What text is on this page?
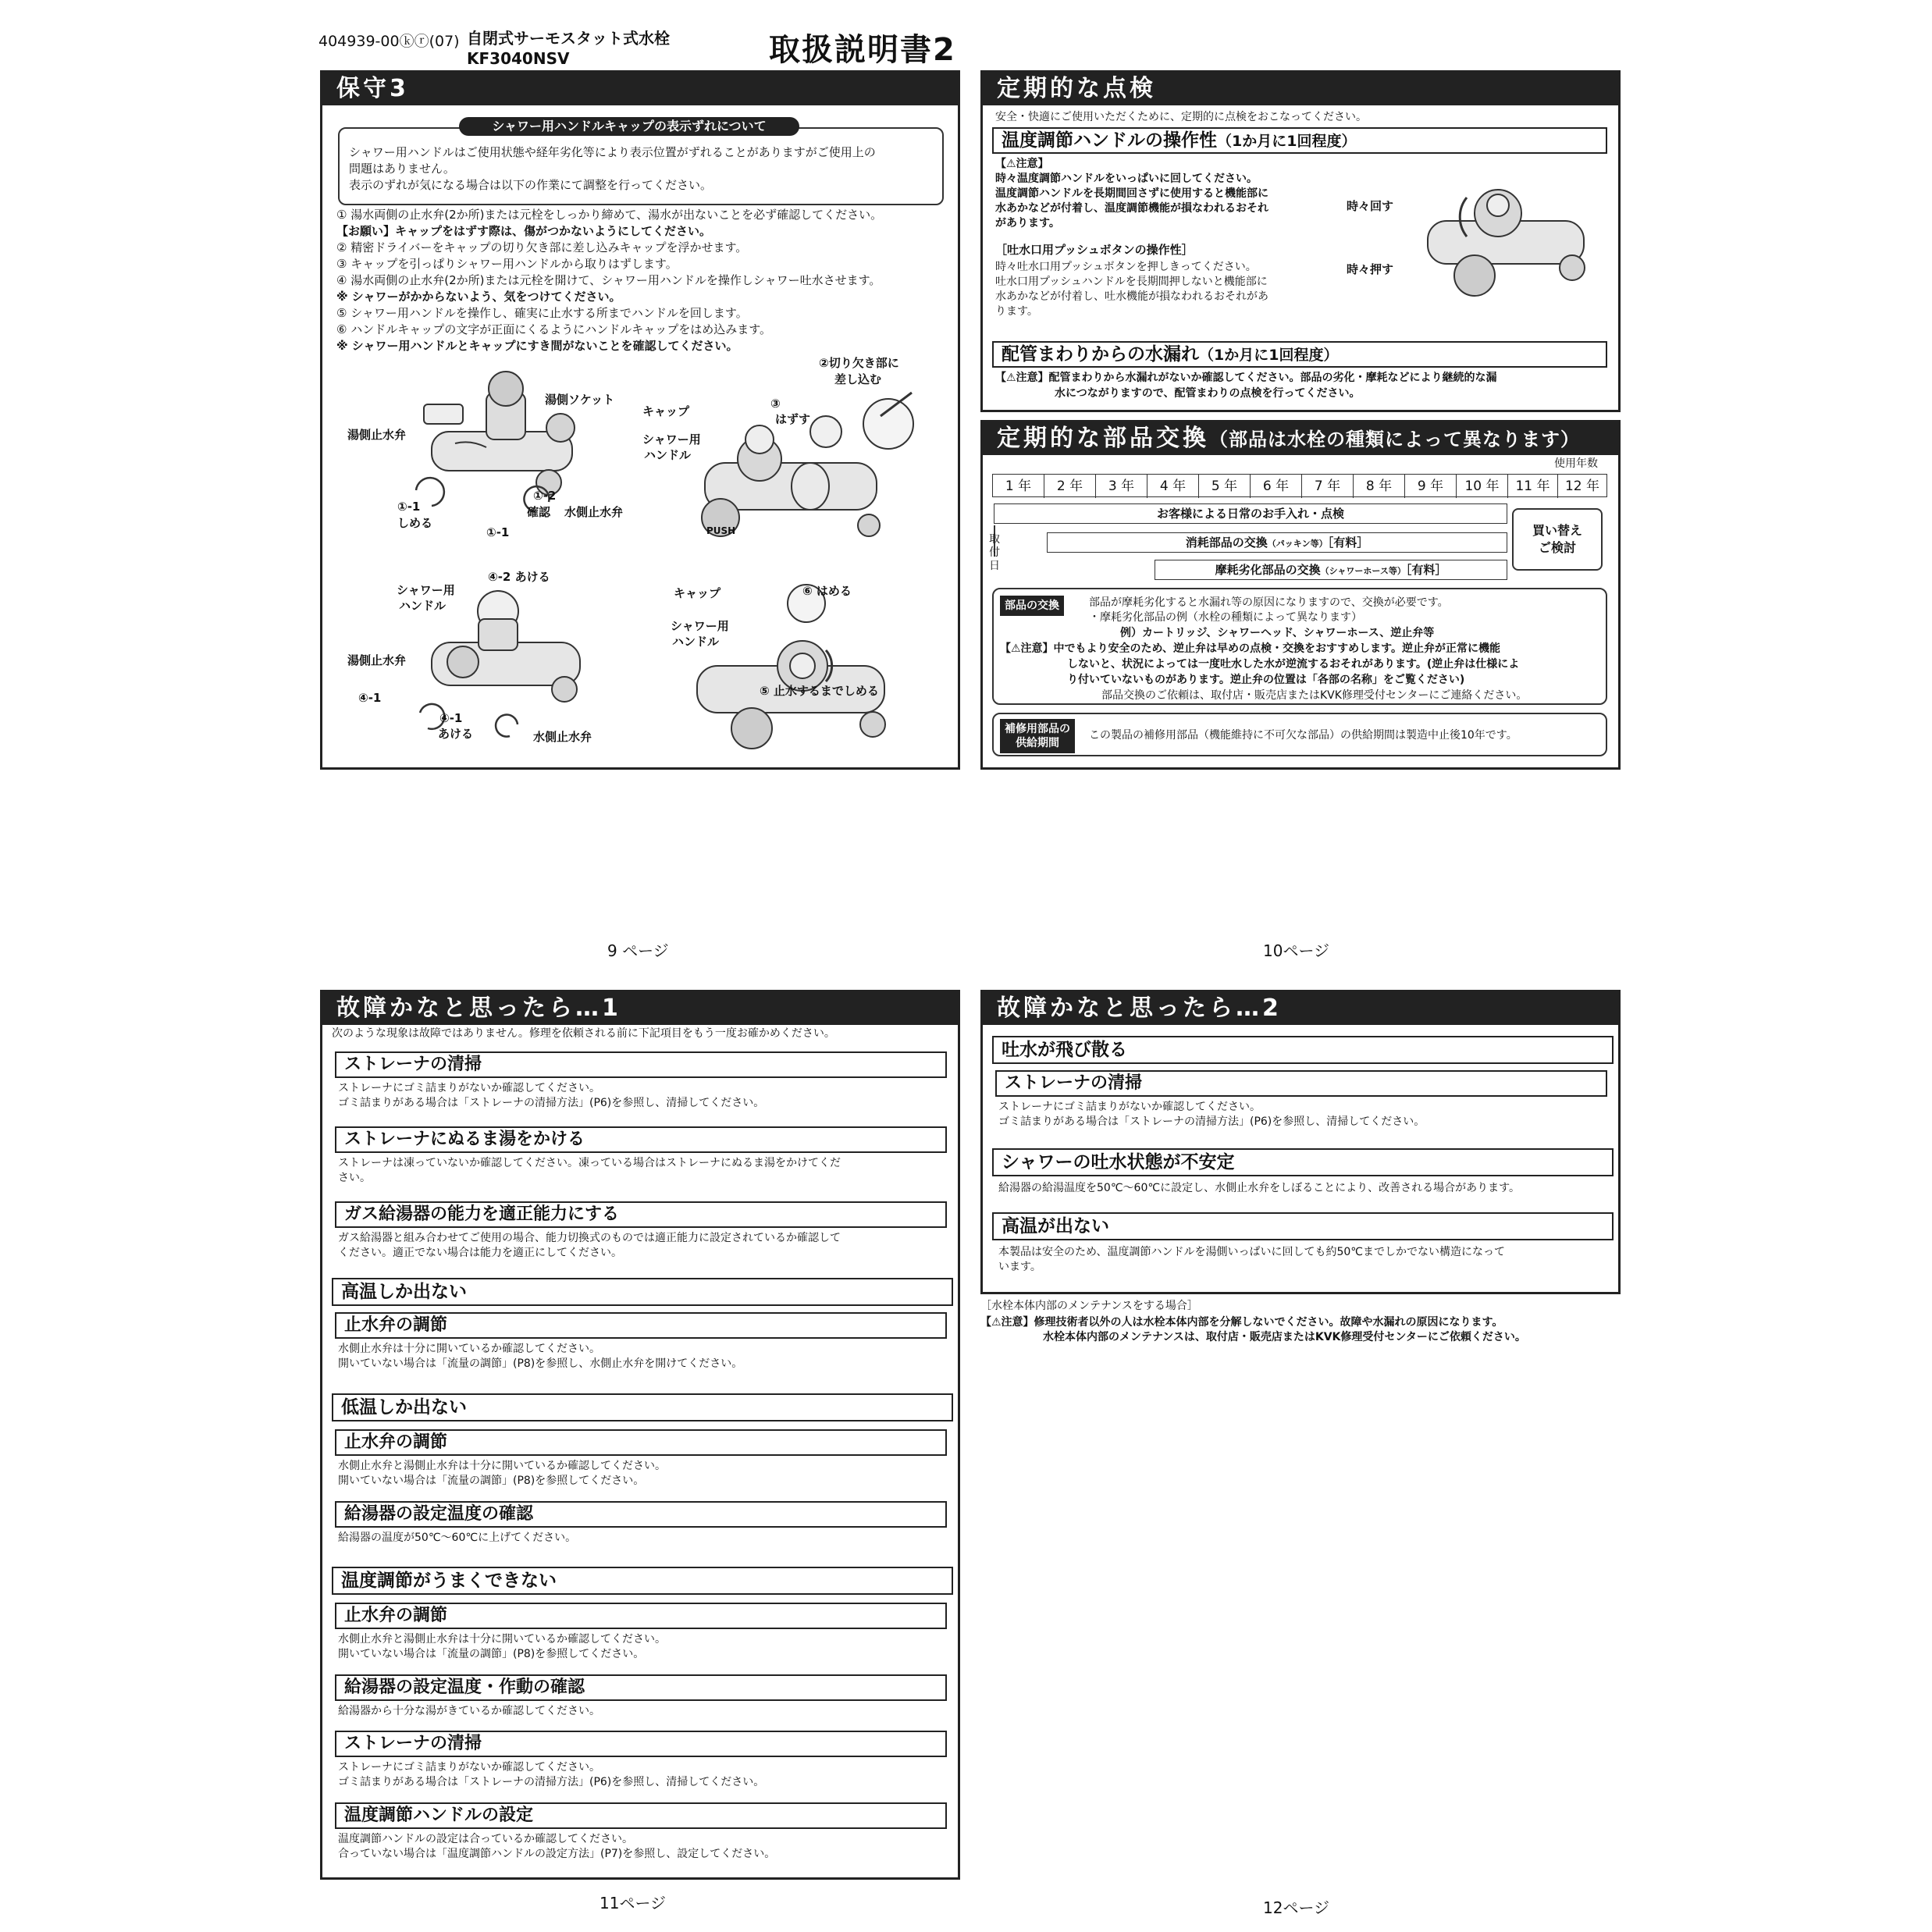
404939-00ⓚⓡ(07) 自閉式サーモスタット式水栓
KF3040NSV	取扱説明書2
保守3
シャワー用ハンドルキャップの表示ずれについて
シャワー用ハンドルはご使用状態や経年劣化等により表示位置がずれることがありますがご使用上の
問題はありません。
表示のずれが気になる場合は以下の作業にて調整を行ってください。
① 湯水両側の止水弁(2か所)または元栓をしっかり締めて、湯水が出ないことを必ず確認してください。
【お願い】キャップをはずす際は、傷がつかないようにしてください。
② 精密ドライバーをキャップの切り欠き部に差し込みキャップを浮かせます。
③ キャップを引っぱりシャワー用ハンドルから取りはずします。
④ 湯水両側の止水弁(2か所)または元栓を開けて、シャワー用ハンドルを操作しシャワー吐水させます。
※ シャワーがかからないよう、気をつけてください。
⑤ シャワー用ハンドルを操作し、確実に止水する所までハンドルを回します。
⑥ ハンドルキャップの文字が正面にくるようにハンドルキャップをはめ込みます。
※ シャワー用ハンドルとキャップにすき間がないことを確認してください。
湯側ソケット
湯側止水弁
①-1
しめる
①-2
確認 水側止水弁
①-1
キャップ
③
はずす
②切り欠き部に
差し込む
シャワー用
ハンドル
PUSH
④-2 あける
シャワー用
ハンドル
湯側止水弁
④-1
④-1
あける	水側止水弁
キャップ	⑥ はめる
シャワー用
ハンドル
⑤ 止水するまでしめる
9 ページ
定期的な点検
安全・快適にご使用いただくために、定期的に点検をおこなってください。
温度調節ハンドルの操作性（1か月に1回程度）
【⚠注意】
時々温度調節ハンドルをいっぱいに回してください。
温度調節ハンドルを長期間回さずに使用すると機能部に
水あかなどが付着し、温度調節機能が損なわれるおそれ
があります。
［吐水口用プッシュボタンの操作性］
時々吐水口用プッシュボタンを押しきってください。
吐水口用プッシュハンドルを長期間押しないと機能部に
水あかなどが付着し、吐水機能が損なわれるおそれがあ
ります。
時々回す
時々押す
配管まわりからの水漏れ（1か月に1回程度）
【⚠注意】配管まわりから水漏れがないか確認してください。部品の劣化・摩耗などにより継続的な漏
水につながりますので、配管まわりの点検を行ってください。
定期的な部品交換（部品は水栓の種類によって異なります）
使用年数
1 年	2 年	3 年	4 年	5 年	6 年	7 年	8 年	9 年	10 年	11 年	12 年
取付日
お客様による日常のお手入れ・点検
消耗部品の交換（パッキン等）［有料］
摩耗劣化部品の交換（シャワーホース等）［有料］
買い替え
ご検討
部品の交換	部品が摩耗劣化すると水漏れ等の原因になりますので、交換が必要です。
・摩耗劣化部品の例（水栓の種類によって異なります）
例）カートリッジ、シャワーヘッド、シャワーホース、逆止弁等
【⚠注意】中でもより安全のため、逆止弁は早めの点検・交換をおすすめします。逆止弁が正常に機能
しないと、状況によっては一度吐水した水が逆流するおそれがあります。(逆止弁は仕様によ
り付いていないものがあります。逆止弁の位置は「各部の名称」をご覧ください)
部品交換のご依頼は、取付店・販売店またはKVK修理受付センターにご連絡ください。
補修用部品の
供給期間
この製品の補修用部品（機能維持に不可欠な部品）の供給期間は製造中止後10年です。
10ページ
故障かなと思ったら…1
次のような現象は故障ではありません。修理を依頼される前に下記項目をもう一度お確かめください。
ストレーナの清掃
ストレーナにゴミ詰まりがないか確認してください。
ゴミ詰まりがある場合は「ストレーナの清掃方法」(P6)を参照し、清掃してください。
ストレーナにぬるま湯をかける
ストレーナは凍っていないか確認してください。凍っている場合はストレーナにぬるま湯をかけてくだ
さい。
ガス給湯器の能力を適正能力にする
ガス給湯器と組み合わせてご使用の場合、能力切換式のものでは適正能力に設定されているか確認して
ください。適正でない場合は能力を適正にしてください。
高温しか出ない
止水弁の調節
水側止水弁は十分に開いているか確認してください。
開いていない場合は「流量の調節」(P8)を参照し、水側止水弁を開けてください。
低温しか出ない
止水弁の調節
水側止水弁と湯側止水弁は十分に開いているか確認してください。
開いていない場合は「流量の調節」(P8)を参照してください。
給湯器の設定温度の確認
給湯器の温度が50℃～60℃に上げてください。
温度調節がうまくできない
止水弁の調節
水側止水弁と湯側止水弁は十分に開いているか確認してください。
開いていない場合は「流量の調節」(P8)を参照してください。
給湯器の設定温度・作動の確認
給湯器から十分な湯がきているか確認してください。
ストレーナの清掃
ストレーナにゴミ詰まりがないか確認してください。
ゴミ詰まりがある場合は「ストレーナの清掃方法」(P6)を参照し、清掃してください。
温度調節ハンドルの設定
温度調節ハンドルの設定は合っているか確認してください。
合っていない場合は「温度調節ハンドルの設定方法」(P7)を参照し、設定してください。
11ページ
故障かなと思ったら…2
吐水が飛び散る
ストレーナの清掃
ストレーナにゴミ詰まりがないか確認してください。
ゴミ詰まりがある場合は「ストレーナの清掃方法」(P6)を参照し、清掃してください。
シャワーの吐水状態が不安定
給湯器の給湯温度を50℃～60℃に設定し、水側止水弁をしぼることにより、改善される場合があります。
高温が出ない
本製品は安全のため、温度調節ハンドルを湯側いっぱいに回しても約50℃までしかでない構造になって
います。
［水栓本体内部のメンテナンスをする場合］
【⚠注意】修理技術者以外の人は水栓本体内部を分解しないでください。故障や水漏れの原因になります。
水栓本体内部のメンテナンスは、取付店・販売店またはKVK修理受付センターにご依頼ください。
12ページ
